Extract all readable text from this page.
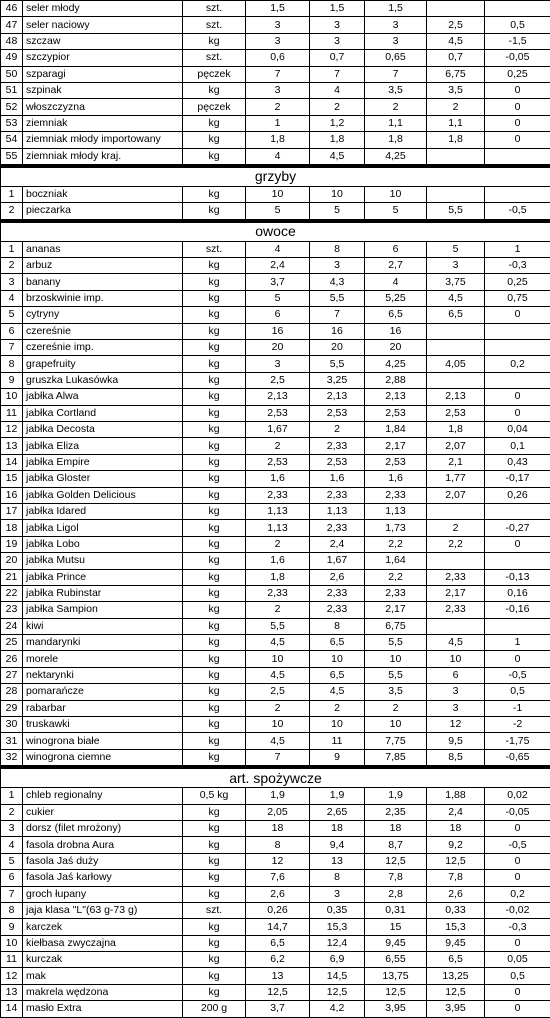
46	seler młody	szt.	1,5	1,5	1,5		
47	seler naciowy	szt.	3	3	3	2,5	0,5
48	szczaw	kg	3	3	3	4,5	-1,5
49	szczypior	szt.	0,6	0,7	0,65	0,7	-0,05
50	szparagi	pęczek	7	7	7	6,75	0,25
51	szpinak	kg	3	4	3,5	3,5	0
52	włoszczyzna	pęczek	2	2	2	2	0
53	ziemniak	kg	1	1,2	1,1	1,1	0
54	ziemniak młody importowany	kg	1,8	1,8	1,8	1,8	0
55	ziemniak młody kraj.	kg	4	4,5	4,25		
grzyby							
1	boczniak	kg	10	10	10		
2	pieczarka	kg	5	5	5	5,5	-0,5
owoce							
1	ananas	szt.	4	8	6	5	1
2	arbuz	kg	2,4	3	2,7	3	-0,3
3	banany	kg	3,7	4,3	4	3,75	0,25
4	brzoskwinie imp.	kg	5	5,5	5,25	4,5	0,75
5	cytryny	kg	6	7	6,5	6,5	0
6	czereśnie	kg	16	16	16		
7	czereśnie imp.	kg	20	20	20		
8	grapefruity	kg	3	5,5	4,25	4,05	0,2
9	gruszka Lukasówka	kg	2,5	3,25	2,88		
10	jabłka Alwa	kg	2,13	2,13	2,13	2,13	0
11	jabłka Cortland	kg	2,53	2,53	2,53	2,53	0
12	jabłka Decosta	kg	1,67	2	1,84	1,8	0,04
13	jabłka Eliza	kg	2	2,33	2,17	2,07	0,1
14	jabłka Empire	kg	2,53	2,53	2,53	2,1	0,43
15	jabłka Gloster	kg	1,6	1,6	1,6	1,77	-0,17
16	jabłka Golden Delicious	kg	2,33	2,33	2,33	2,07	0,26
17	jabłka Idared	kg	1,13	1,13	1,13		
18	jabłka Ligol	kg	1,13	2,33	1,73	2	-0,27
19	jabłka Lobo	kg	2	2,4	2,2	2,2	0
20	jabłka Mutsu	kg	1,6	1,67	1,64		
21	jabłka Prince	kg	1,8	2,6	2,2	2,33	-0,13
22	jabłka Rubinstar	kg	2,33	2,33	2,33	2,17	0,16
23	jabłka Sampion	kg	2	2,33	2,17	2,33	-0,16
24	kiwi	kg	5,5	8	6,75		
25	mandarynki	kg	4,5	6,5	5,5	4,5	1
26	morele	kg	10	10	10	10	0
27	nektarynki	kg	4,5	6,5	5,5	6	-0,5
28	pomarańcze	kg	2,5	4,5	3,5	3	0,5
29	rabarbar	kg	2	2	2	3	-1
30	truskawki	kg	10	10	10	12	-2
31	winogrona białe	kg	4,5	11	7,75	9,5	-1,75
32	winogrona ciemne	kg	7	9	7,85	8,5	-0,65
art. spożywcze							
1	chleb regionalny	0,5 kg	1,9	1,9	1,9	1,88	0,02
2	cukier	kg	2,05	2,65	2,35	2,4	-0,05
3	dorsz (filet mrożony)	kg	18	18	18	18	0
4	fasola drobna Aura	kg	8	9,4	8,7	9,2	-0,5
5	fasola Jaś duży	kg	12	13	12,5	12,5	0
6	fasola Jaś karłowy	kg	7,6	8	7,8	7,8	0
7	groch łupany	kg	2,6	3	2,8	2,6	0,2
8	jaja klasa "L"(63 g-73 g)	szt.	0,26	0,35	0,31	0,33	-0,02
9	karczek	kg	14,7	15,3	15	15,3	-0,3
10	kiełbasa zwyczajna	kg	6,5	12,4	9,45	9,45	0
11	kurczak	kg	6,2	6,9	6,55	6,5	0,05
12	mak	kg	13	14,5	13,75	13,25	0,5
13	makrela wędzona	kg	12,5	12,5	12,5	12,5	0
14	masło Extra	200 g	3,7	4,2	3,95	3,95	0
